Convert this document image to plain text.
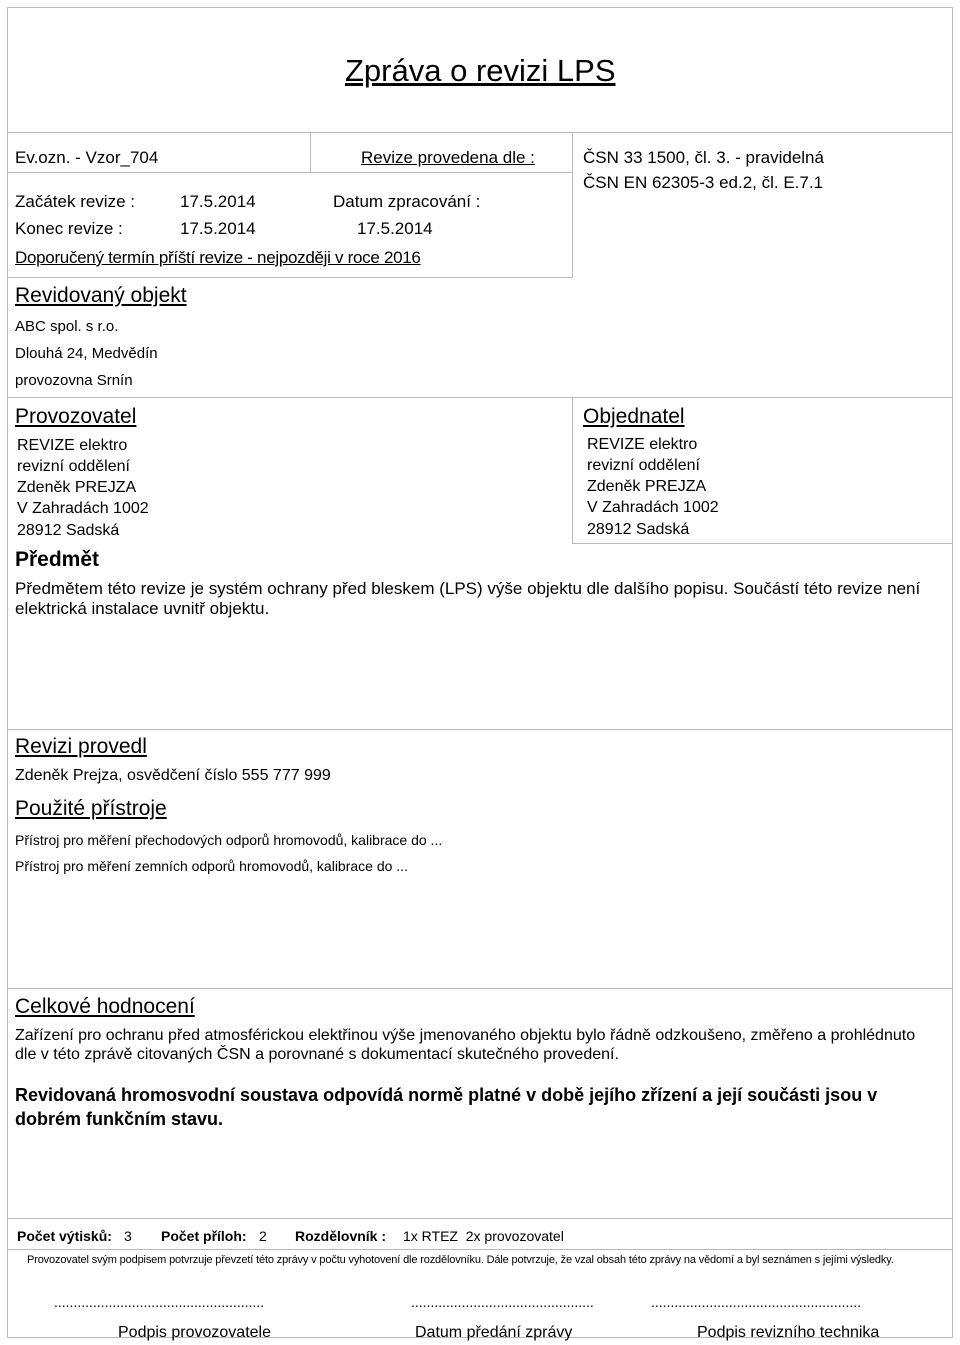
Zpráva o revizi LPS
Ev.ozn. - Vzor_704	Revize provedena dle :	ČSN 33 1500, čl. 3. - pravidelná
ČSN EN 62305-3 ed.2, čl. E.7.1
Začátek revize :	17.5.2014	Datum zpracování :
Konec revize :	17.5.2014	17.5.2014
Doporučený termín příští revize - nejpozději v roce 2016
Revidovaný objekt
ABC spol. s r.o.
Dlouhá 24, Medvědín
provozovna Srnín
Provozovatel
REVIZE elektro
revizní oddělení
Zdeněk PREJZA
V Zahradách 1002
28912 Sadská
Objednatel
REVIZE elektro
revizní oddělení
Zdeněk PREJZA
V Zahradách 1002
28912 Sadská
Předmět
Předmětem této revize je systém ochrany před bleskem (LPS) výše objektu dle dalšího popisu. Součástí této revize není elektrická instalace uvnitř objektu.
Revizi provedl
Zdeněk Prejza, osvědčení číslo 555 777 999
Použité přístroje
Přístroj pro měření přechodových odporů hromovodů, kalibrace do ...
Přístroj pro měření zemních odporů hromovodů, kalibrace do ...
Celkové hodnocení
Zařízení pro ochranu před atmosférickou elektřinou výše jmenovaného objektu bylo řádně odzkoušeno, změřeno a prohlédnuto dle v této zprávě citovaných ČSN a porovnané s dokumentací skutečného provedení.
Revidovaná hromosvodní soustava odpovídá normě platné v době jejího zřízení a její součásti jsou v dobrém funkčním stavu.
Počet výtisků: 3 Počet příloh: 2 Rozdělovník : 1x RTEZ  2x provozovatel
Provozovatel svým podpisem potvrzuje převzetí této zprávy v počtu vyhotovení dle rozdělovníku. Dále potvrzuje, že vzal obsah této zprávy na vědomí a byl seznámen s jejími výsledky.
......................................................	...............................................	......................................................
Podpis provozovatele	Datum předání zprávy	Podpis revizního technika
